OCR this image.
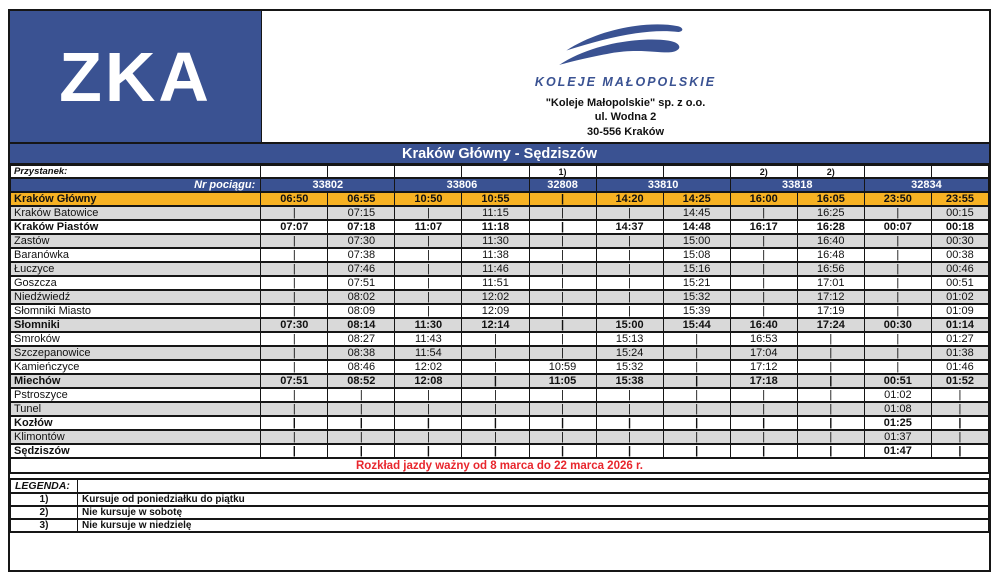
ZKA	KOLEJE MAŁOPOLSKIE
"Koleje Małopolskie" sp. z o.o.
ul. Wodna 2
30-556 Kraków
Kraków Główny - Sędziszów
Przystanek:					1)			2)	2)		
Nr pociągu:	33802		33806		32808	33810		33818		32834	
Kraków Główny	06:50	06:55	10:50	10:55	|	14:20	14:25	16:00	16:05	23:50	23:55
Kraków Batowice	|	07:15	|	11:15	|	|	14:45	|	16:25	|	00:15
Kraków Piastów	07:07	07:18	11:07	11:18	|	14:37	14:48	16:17	16:28	00:07	00:18
Zastów	|	07:30	|	11:30	|	|	15:00	|	16:40	|	00:30
Baranówka	|	07:38	|	11:38	|	|	15:08	|	16:48	|	00:38
Łuczyce	|	07:46	|	11:46	|	|	15:16	|	16:56	|	00:46
Goszcza	|	07:51	|	11:51	|	|	15:21	|	17:01	|	00:51
Niedźwiedź	|	08:02	|	12:02	|	|	15:32	|	17:12	|	01:02
Słomniki Miasto	|	08:09	|	12:09	|	|	15:39	|	17:19	|	01:09
Słomniki	07:30	08:14	11:30	12:14	|	15:00	15:44	16:40	17:24	00:30	01:14
Smroków	|	08:27	11:43	|	|	15:13	|	16:53	|	|	01:27
Szczepanowice	|	08:38	11:54	|	|	15:24	|	17:04	|	|	01:38
Kamieńczyce	|	08:46	12:02	|	10:59	15:32	|	17:12	|	|	01:46
Miechów	07:51	08:52	12:08	|	11:05	15:38	|	17:18	|	00:51	01:52
Pstroszyce	|	|	|	|	|	|	|	|	|	01:02	|
Tunel	|	|	|	|	|	|	|	|	|	01:08	|
Kozłów	|	|	|	|	|	|	|	|	|	01:25	|
Klimontów	|	|	|	|	|	|	|	|	|	01:37	|
Sędziszów	|	|	|	|	|	|	|	|	|	01:47	|
Rozkład jazdy ważny od 8 marca do 22 marca 2026 r.											
LEGENDA:	
1)	Kursuje od poniedziałku do piątku
2)	Nie kursuje w sobotę
3)	Nie kursuje w niedzielę
